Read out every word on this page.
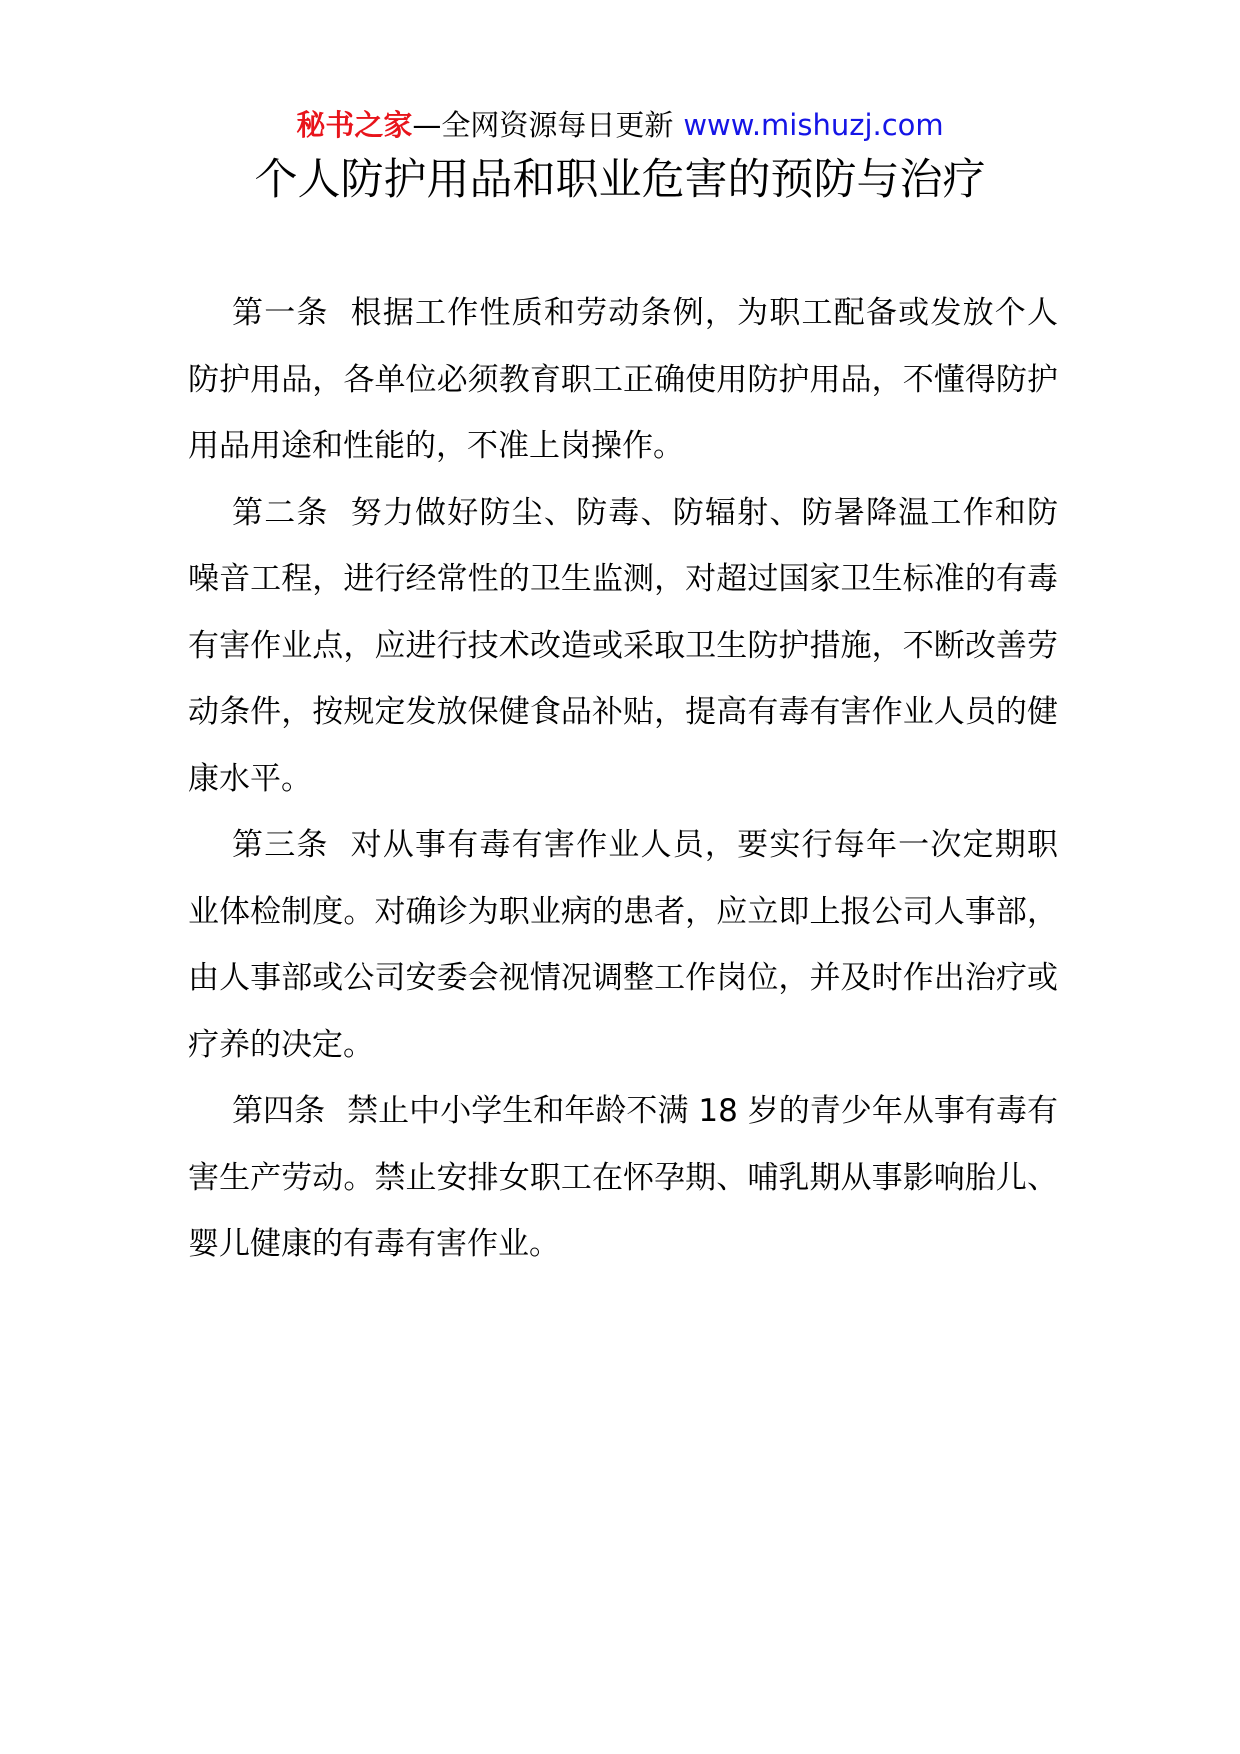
秘书之家—全网资源每日更新 www.mishuzj.com
个人防护用品和职业危害的预防与治疗

第一条 根据工作性质和劳动条例，为职工配备或发放个人防护用品，各单位必须教育职工正确使用防护用品，不懂得防护用品用途和性能的，不准上岗操作。

第二条 努力做好防尘、防毒、防辐射、防暑降温工作和防噪音工程，进行经常性的卫生监测，对超过国家卫生标准的有毒有害作业点，应进行技术改造或采取卫生防护措施，不断改善劳动条件，按规定发放保健食品补贴，提高有毒有害作业人员的健康水平。

第三条 对从事有毒有害作业人员，要实行每年一次定期职业体检制度。对确诊为职业病的患者，应立即上报公司人事部，由人事部或公司安委会视情况调整工作岗位，并及时作出治疗或疗养的决定。

第四条 禁止中小学生和年龄不满 18 岁的青少年从事有毒有害生产劳动。禁止安排女职工在怀孕期、哺乳期从事影响胎儿、婴儿健康的有毒有害作业。
